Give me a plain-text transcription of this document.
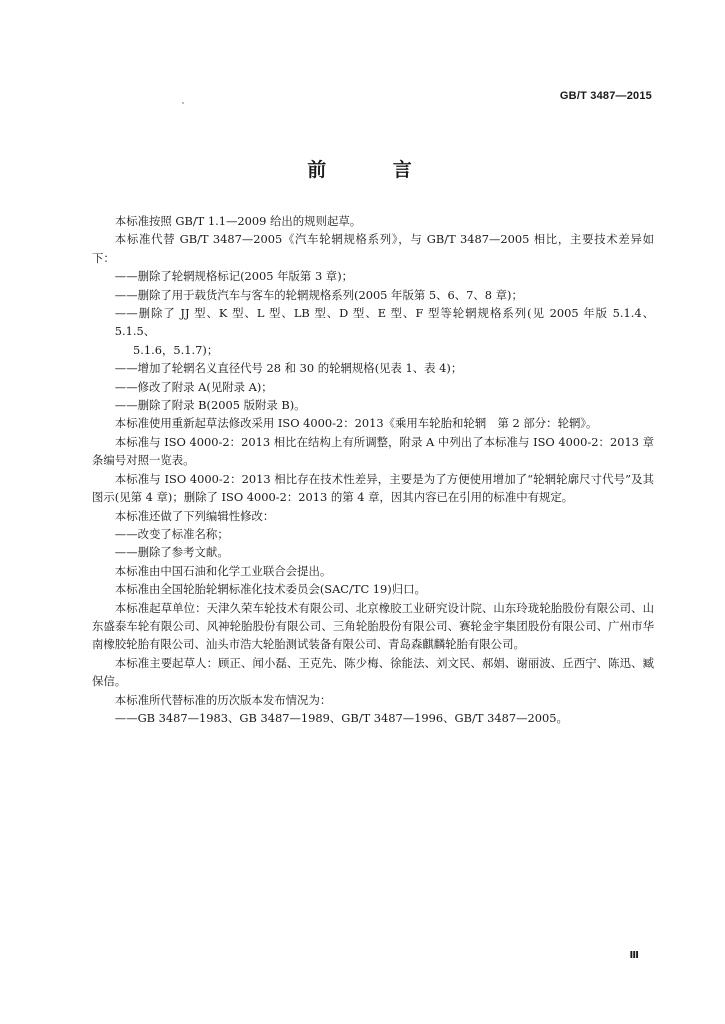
GB/T 3487—2015
前 言

本标准按照 GB/T 1.1—2009 给出的规则起草。

本标准代替 GB/T 3487—2005《汽车轮辋规格系列》，与 GB/T 3487—2005 相比，主要技术差异如下：

——删除了轮辋规格标记(2005 年版第 3 章)；

——删除了用于载货汽车与客车的轮辋规格系列(2005 年版第 5、6、7、8 章)；

——删除了 JJ 型、K 型、L 型、LB 型、D 型、E 型、F 型等轮辋规格系列(见 2005 年版 5.1.4、5.1.5、

5.1.6，5.1.7)；

——增加了轮辋名义直径代号 28 和 30 的轮辋规格(见表 1、表 4)；

——修改了附录 A(见附录 A)；

——删除了附录 B(2005 版附录 B)。

本标准使用重新起草法修改采用 ISO 4000-2：2013《乘用车轮胎和轮辋　第 2 部分：轮辋》。

本标准与 ISO 4000-2：2013 相比在结构上有所调整，附录 A 中列出了本标准与 ISO 4000-2：2013 章条编号对照一览表。

本标准与 ISO 4000-2：2013 相比存在技术性差异，主要是为了方便使用增加了“轮辋轮廓尺寸代号”及其图示(见第 4 章)；删除了 ISO 4000-2：2013 的第 4 章，因其内容已在引用的标准中有规定。

本标准还做了下列编辑性修改：

——改变了标准名称；

——删除了参考文献。

本标准由中国石油和化学工业联合会提出。

本标准由全国轮胎轮辋标准化技术委员会(SAC/TC 19)归口。

本标准起草单位：天津久荣车轮技术有限公司、北京橡胶工业研究设计院、山东玲珑轮胎股份有限公司、山东盛泰车轮有限公司、风神轮胎股份有限公司、三角轮胎股份有限公司、赛轮金宇集团股份有限公司、广州市华南橡胶轮胎有限公司、汕头市浩大轮胎测试装备有限公司、青岛森麒麟轮胎有限公司。

本标准主要起草人：顾正、闻小磊、王克先、陈少梅、徐能法、刘文民、郝娟、谢丽波、丘西宁、陈迅、臧保信。

本标准所代替标准的历次版本发布情况为：

——GB 3487—1983、GB 3487—1989、GB/T 3487—1996、GB/T 3487—2005。

Ⅲ
